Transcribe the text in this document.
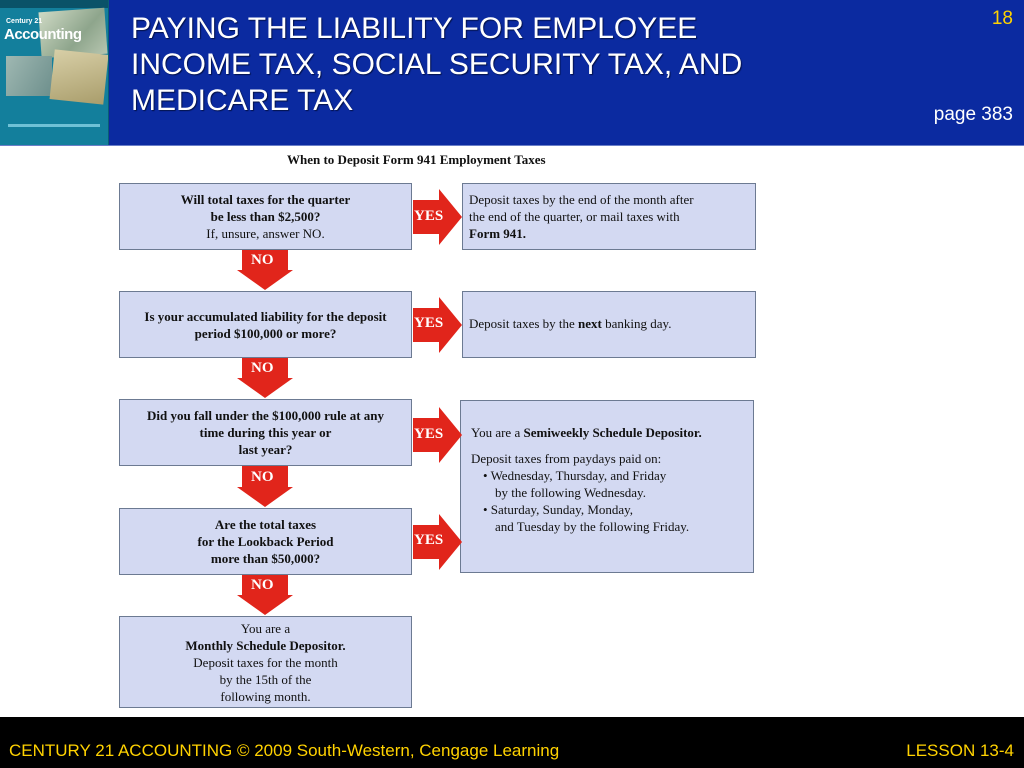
Century 21
Accounting PAYING THE LIABILITY FOR EMPLOYEE
INCOME TAX, SOCIAL SECURITY TAX, AND
MEDICARE TAX
18
page 383
When to Deposit Form 941 Employment Taxes
Will total taxes for the quarter
be less than $2,500?
If, unsure, answer NO.
Deposit taxes by the end of the month after
the end of the quarter, or mail taxes with
Form 941.
Is your accumulated liability for the deposit
period $100,000 or more?
Deposit taxes by the next banking day.
Did you fall under the $100,000 rule at any
time during this year or
last year?
Are the total taxes
for the Lookback Period
more than $50,000?
You are a Semiweekly Schedule Depositor.
Deposit taxes from paydays paid on:
• Wednesday, Thursday, and Friday
by the following Wednesday.
• Saturday, Sunday, Monday,
and Tuesday by the following Friday.
You are a
Monthly Schedule Depositor.
Deposit taxes for the month
by the 15th of the
following month.
YES
YES
YES
YES
NO
NO
NO
NO
CENTURY 21 ACCOUNTING © 2009 South-Western, Cengage Learning	LESSON 13-4
